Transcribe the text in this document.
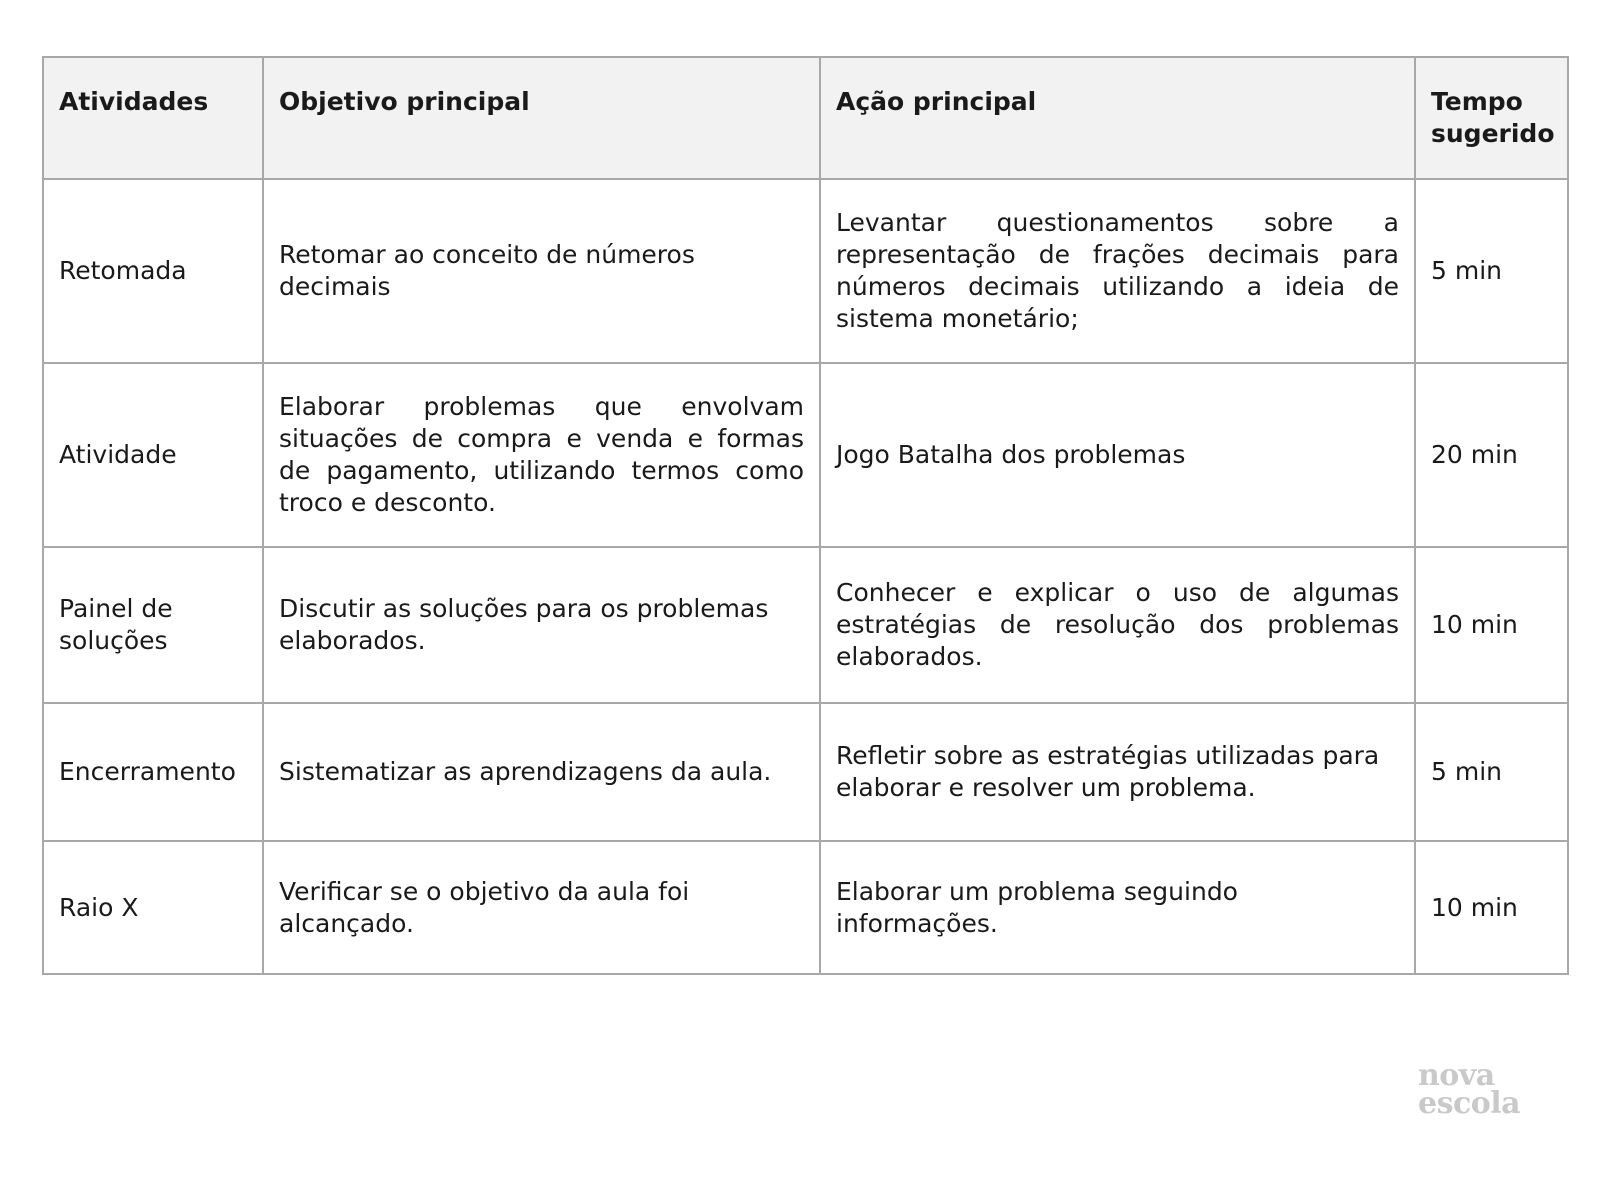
Atividades	Objetivo principal	Ação principal	Tempo sugerido
Retomada	Retomar ao conceito de números decimais	Levantar questionamentos sobre a representação de frações decimais para números decimais utilizando a ideia de sistema monetário;	5 min
Atividade	Elaborar problemas que envolvam situações de compra e venda e formas de pagamento, utilizando termos como troco e desconto.	Jogo Batalha dos problemas	20 min
Painel de soluções	Discutir as soluções para os problemas elaborados.	Conhecer e explicar o uso de algumas estratégias de resolução dos problemas elaborados.	10 min
Encerramento	Sistematizar as aprendizagens da aula.	Refletir sobre as estratégias utilizadas para elaborar e resolver um problema.	5 min
Raio X	Verificar se o objetivo da aula foi alcançado.	Elaborar um problema seguindo informações.	10 min
nova
escola
